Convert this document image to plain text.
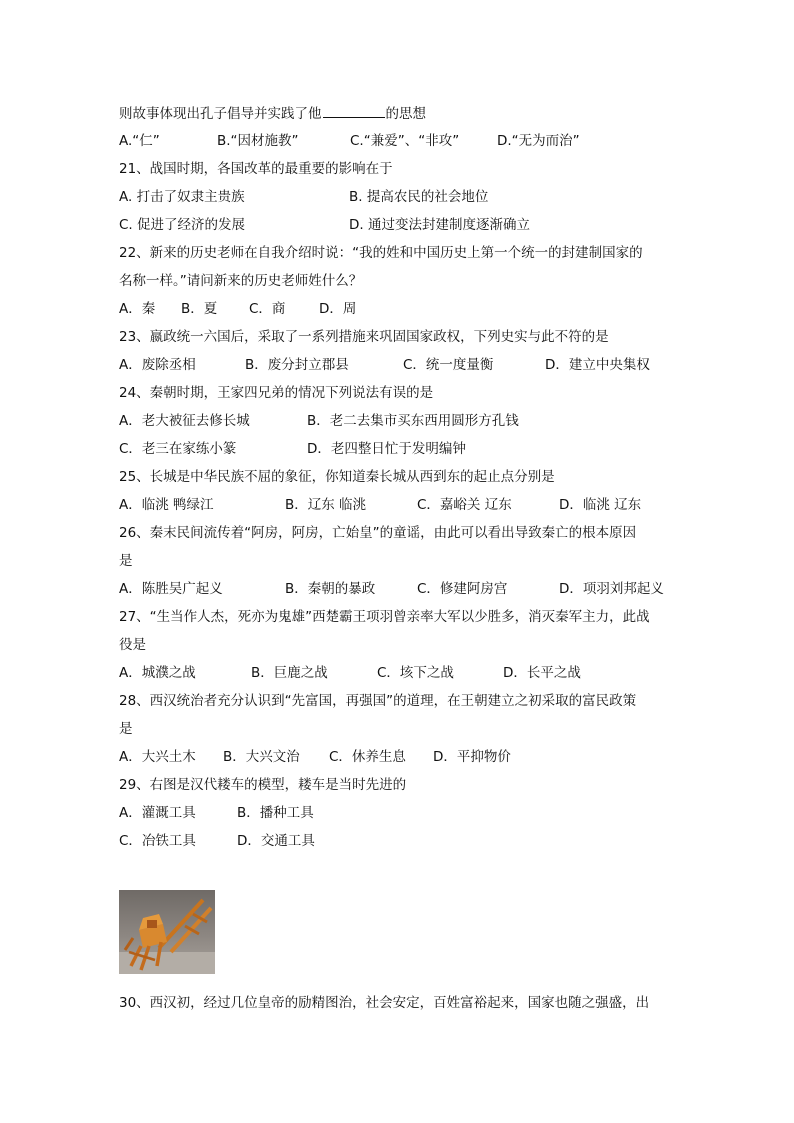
则故事体现出孔子倡导并实践了他	的思想
A.“仁”	B.“因材施教”	C.“兼爱”、“非攻”	D.“无为而治”
21、战国时期，各国改革的最重要的影响在于
A. 打击了奴隶主贵族	B. 提高农民的社会地位
C. 促进了经济的发展	D. 通过变法封建制度逐渐确立
22、新来的历史老师在自我介绍时说：“我的姓和中国历史上第一个统一的封建制国家的
名称一样。”请问新来的历史老师姓什么？
A．秦 B．夏 C．商 D．周
23、嬴政统一六国后，采取了一系列措施来巩固国家政权，下列史实与此不符的是
A．废除丞相	B．废分封立郡县	C．统一度量衡	D．建立中央集权
24、秦朝时期，王家四兄弟的情况下列说法有误的是
A．老大被征去修长城	B．老二去集市买东西用圆形方孔钱
C．老三在家练小篆	D．老四整日忙于发明编钟
25、长城是中华民族不屈的象征，你知道秦长城从西到东的起止点分别是
A．临洮 鸭绿江	B．辽东 临洮	C．嘉峪关 辽东	D．临洮 辽东
26、秦末民间流传着“阿房，阿房，亡始皇”的童谣，由此可以看出导致秦亡的根本原因
是
A．陈胜吴广起义	B．秦朝的暴政	C．修建阿房宫	D．项羽刘邦起义
27、“生当作人杰，死亦为鬼雄”西楚霸王项羽曾亲率大军以少胜多，消灭秦军主力，此战
役是
A．城濮之战	B．巨鹿之战	C．垓下之战	D．长平之战
28、西汉统治者充分认识到“先富国，再强国”的道理，在王朝建立之初采取的富民政策
是
A．大兴土木 B．大兴文治 C．休养生息 D．平抑物价
29、右图是汉代耧车的模型，耧车是当时先进的
A．灌溉工具	B．播种工具
C．冶铁工具	D．交通工具
30、西汉初，经过几位皇帝的励精图治，社会安定，百姓富裕起来，国家也随之强盛，出
